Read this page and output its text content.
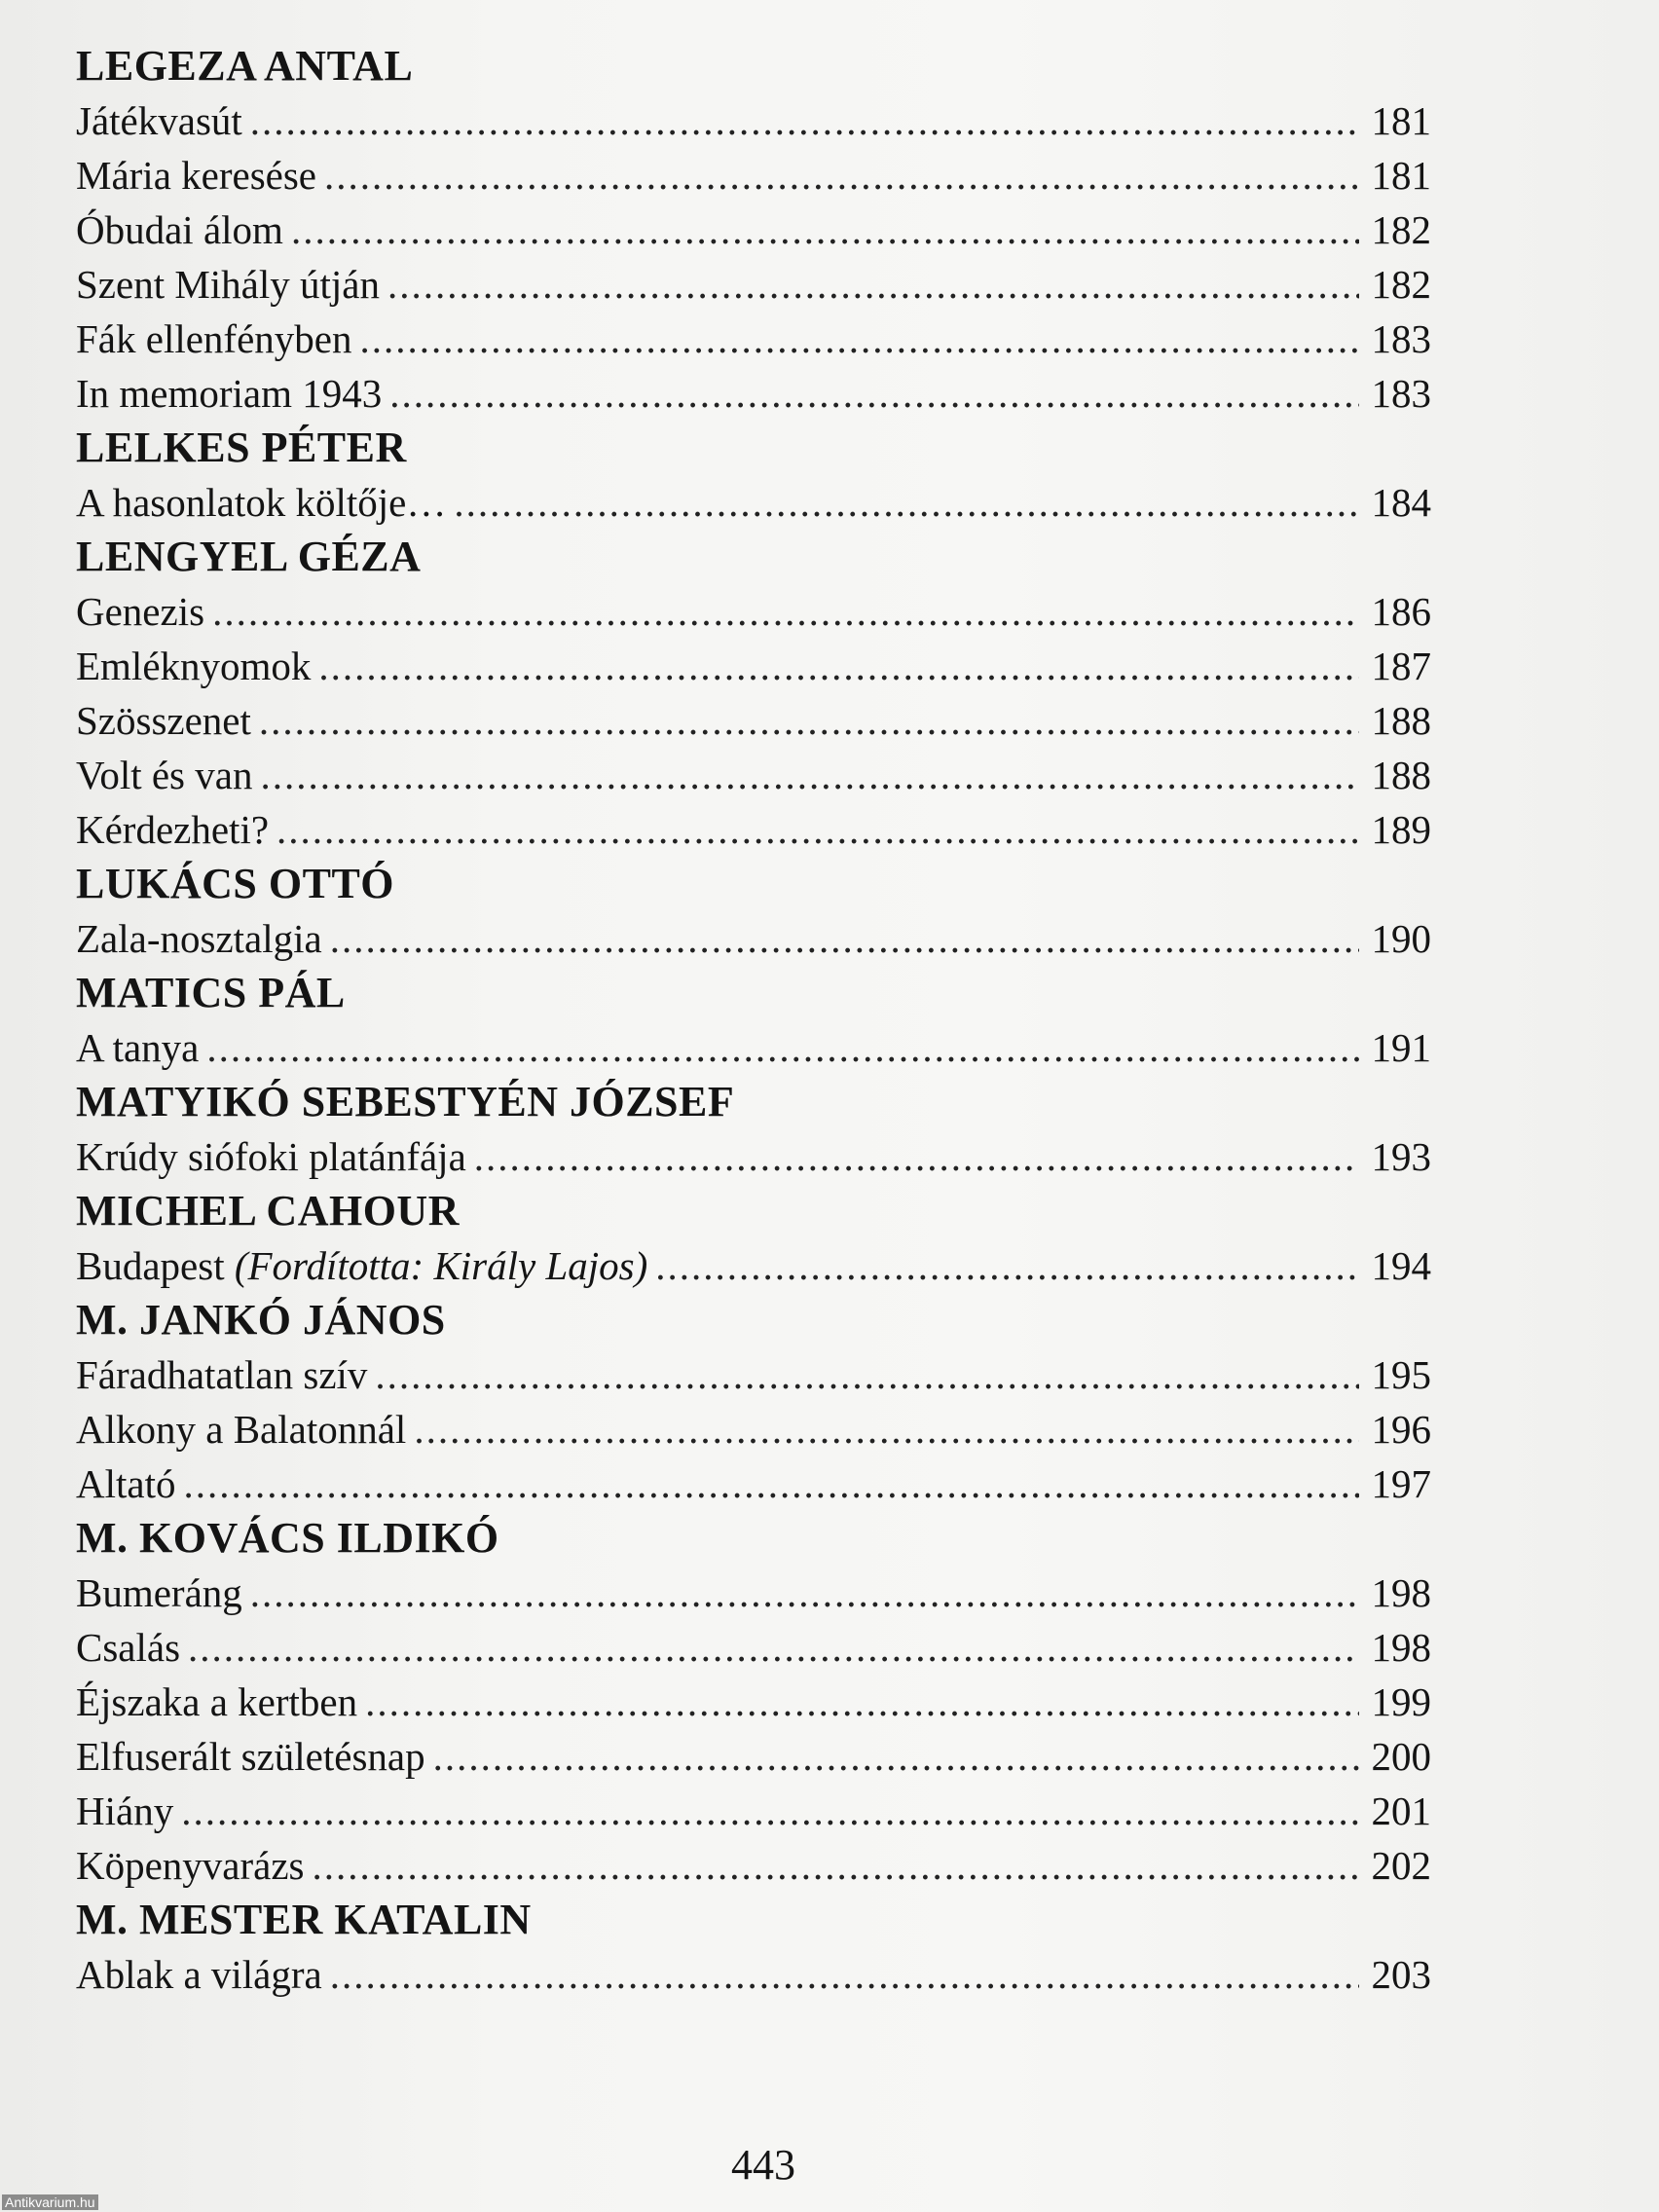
LEGEZA ANTAL
Játékvasút .....	181
Mária keresése .....	181
Óbudai álom .....	182
Szent Mihály útján .....	182
Fák ellenfényben .....	183
In memoriam 1943 .....	183
LELKES PÉTER
A hasonlatok költője… .....	184
LENGYEL GÉZA
Genezis .....	186
Emléknyomok .....	187
Szösszenet .....	188
Volt és van .....	188
Kérdezheti? .....	189
LUKÁCS OTTÓ
Zala-nosztalgia .....	190
MATICS PÁL
A tanya .....	191
MATYIKÓ SEBESTYÉN JÓZSEF
Krúdy siófoki platánfája .....	193
MICHEL CAHOUR
Budapest (Fordította: Király Lajos) .....	194
M. JANKÓ JÁNOS
Fáradhatatlan szív .....	195
Alkony a Balatonnál .....	196
Altató .....	197
M. KOVÁCS ILDIKÓ
Bumeráng .....	198
Csalás .....	198
Éjszaka a kertben .....	199
Elfuserált születésnap .....	200
Hiány .....	201
Köpenyvarázs .....	202
M. MESTER KATALIN
Ablak a világra .....	203
443
Antikvarium.hu
